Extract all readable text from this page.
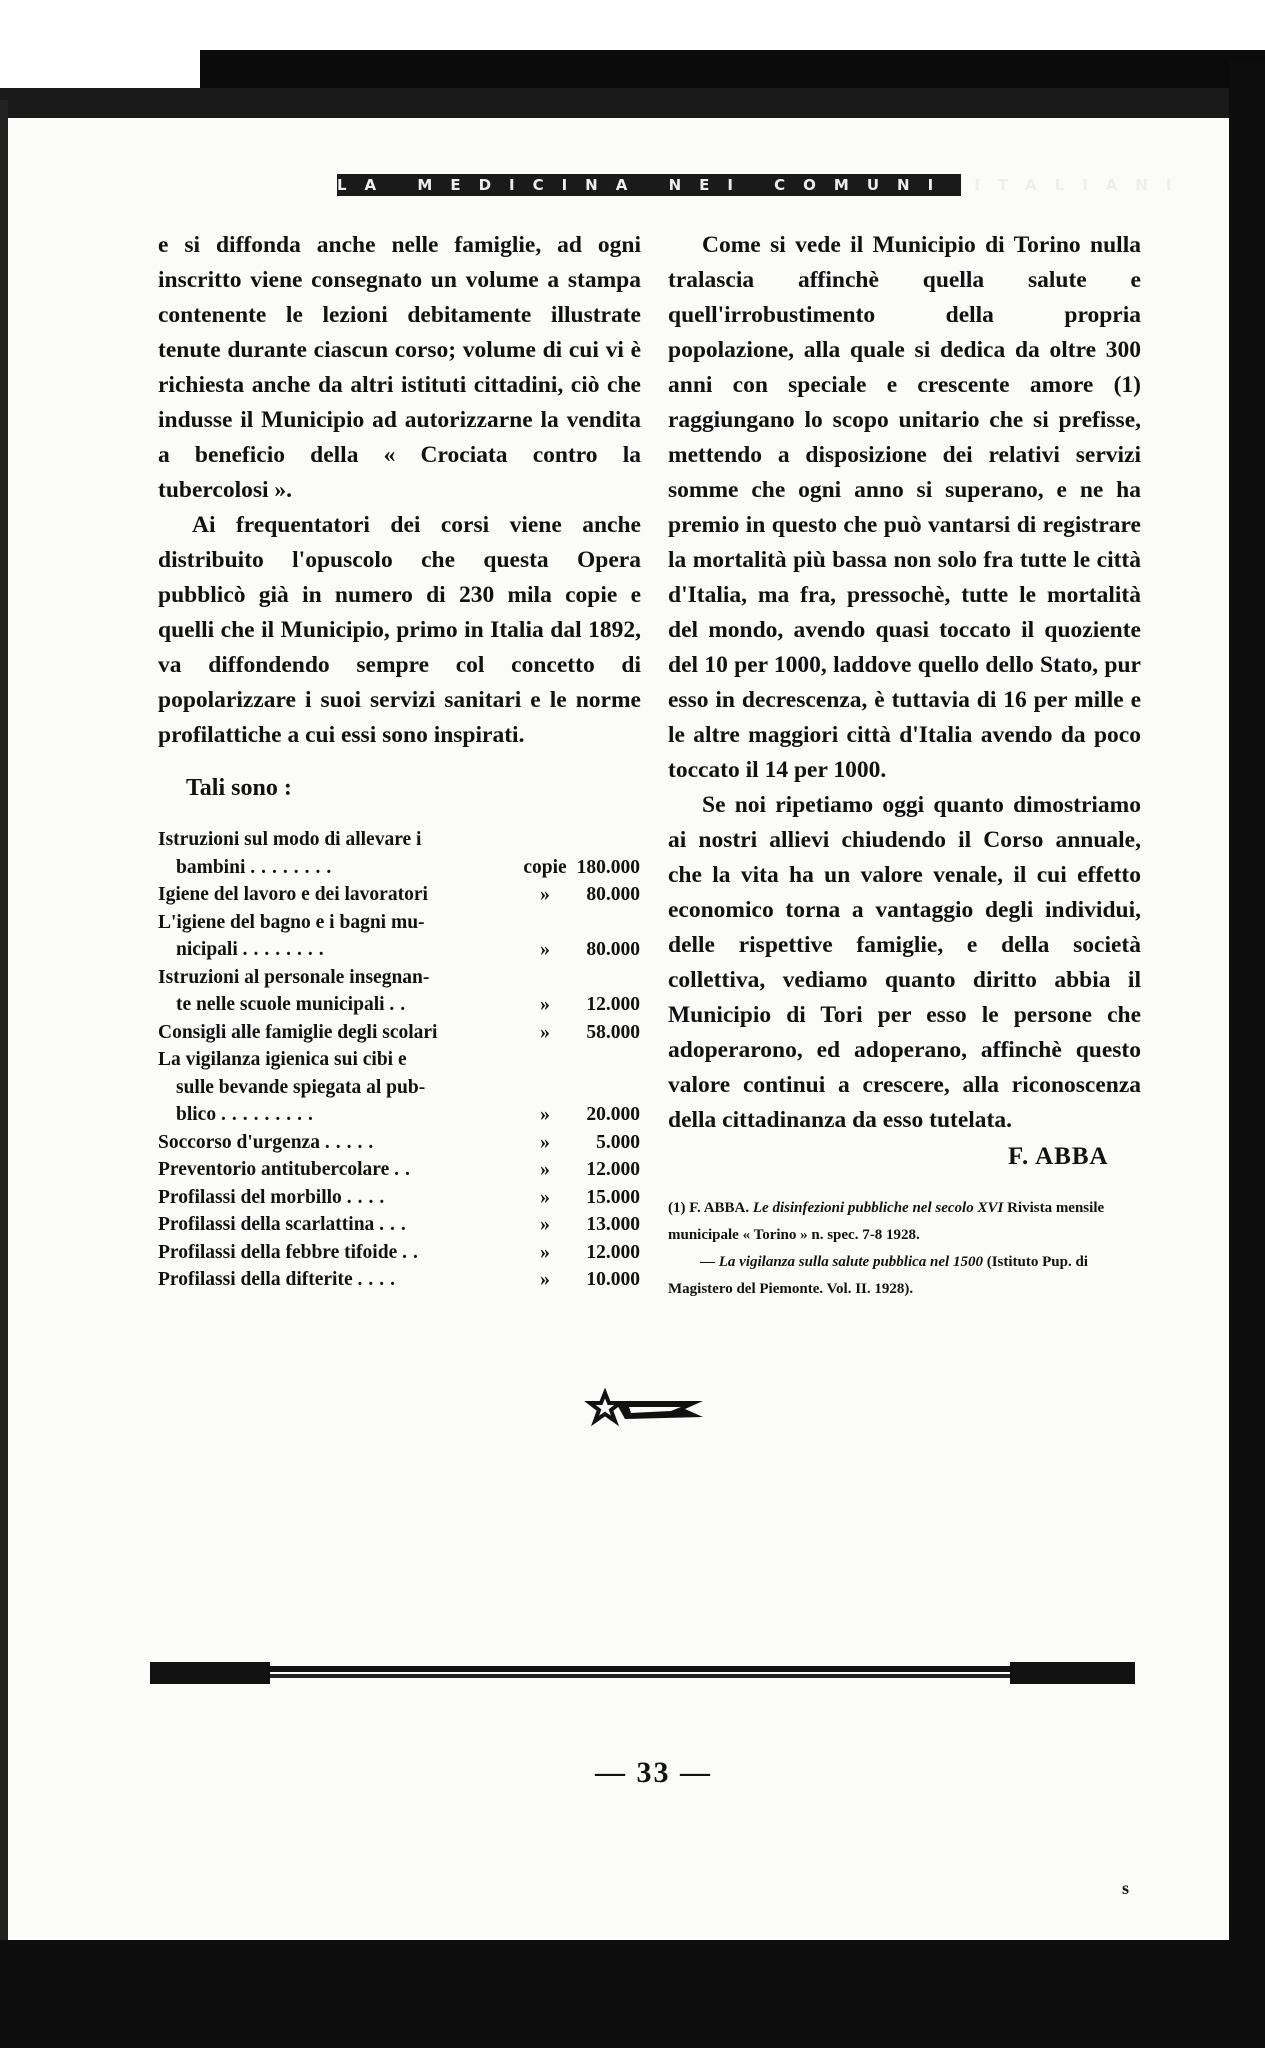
LA MEDICINA NEI COMUNI ITALIANI

e si diffonda anche nelle famiglie, ad ogni inscritto viene consegnato un volume a stampa contenente le lezioni debitamente illustrate tenute durante ciascun corso; volume di cui vi è richiesta anche da altri istituti cittadini, ciò che indusse il Municipio ad autorizzarne la vendita a beneficio della « Crociata contro la tubercolosi ».

Ai frequentatori dei corsi viene anche distribuito l'opuscolo che questa Opera pubblicò già in numero di 230 mila copie e quelli che il Municipio, primo in Italia dal 1892, va diffondendo sempre col concetto di popolarizzare i suoi servizi sanitari e le norme profilattiche a cui essi sono inspirati.

Tali sono :
Istruzioni sul modo di allevare i
bambini ........	copie 180.000
Igiene del lavoro e dei lavoratori	»	80.000
L'igiene del bagno e i bagni mu-
nicipali ........	»	80.000
Istruzioni al personale insegnan-
te nelle scuole municipali ..	»	12.000
Consigli alle famiglie degli scolari	»	58.000
La vigilanza igienica sui cibi e
sulle bevande spiegata al pub-
blico .........	»	20.000
Soccorso d'urgenza .....	»	5.000
Preventorio antitubercolare ..	»	12.000
Profilassi del morbillo ....	»	15.000
Profilassi della scarlattina ...	»	13.000
Profilassi della febbre tifoide ..	»	12.000
Profilassi della difterite ....	»	10.000

Come si vede il Municipio di Torino nulla tralascia affinchè quella salute e quell'irrobustimento della propria popolazione, alla quale si dedica da oltre 300 anni con speciale e crescente amore (1) raggiungano lo scopo unitario che si prefisse, mettendo a disposizione dei relativi servizi somme che ogni anno si superano, e ne ha premio in questo che può vantarsi di registrare la mortalità più bassa non solo fra tutte le città d'Italia, ma fra, pressochè, tutte le mortalità del mondo, avendo quasi toccato il quoziente del 10 per 1000, laddove quello dello Stato, pur esso in decrescenza, è tuttavia di 16 per mille e le altre maggiori città d'Italia avendo da poco toccato il 14 per 1000.

Se noi ripetiamo oggi quanto dimostriamo ai nostri allievi chiudendo il Corso annuale, che la vita ha un valore venale, il cui effetto economico torna a vantaggio degli individui, delle rispettive famiglie, e della società collettiva, vediamo quanto diritto abbia il Municipio di Tori per esso le persone che adoperarono, ed adoperano, affinchè questo valore continui a crescere, alla riconoscenza della cittadinanza da esso tutelata.

F. ABBA

(1) F. ABBA. Le disinfezioni pubbliche nel secolo XVI Rivista mensile municipale « Torino » n. spec. 7-8 1928.

— La vigilanza sulla salute pubblica nel 1500 (Istituto Pup. di Magistero del Piemonte. Vol. II. 1928).

— 33 —
s
